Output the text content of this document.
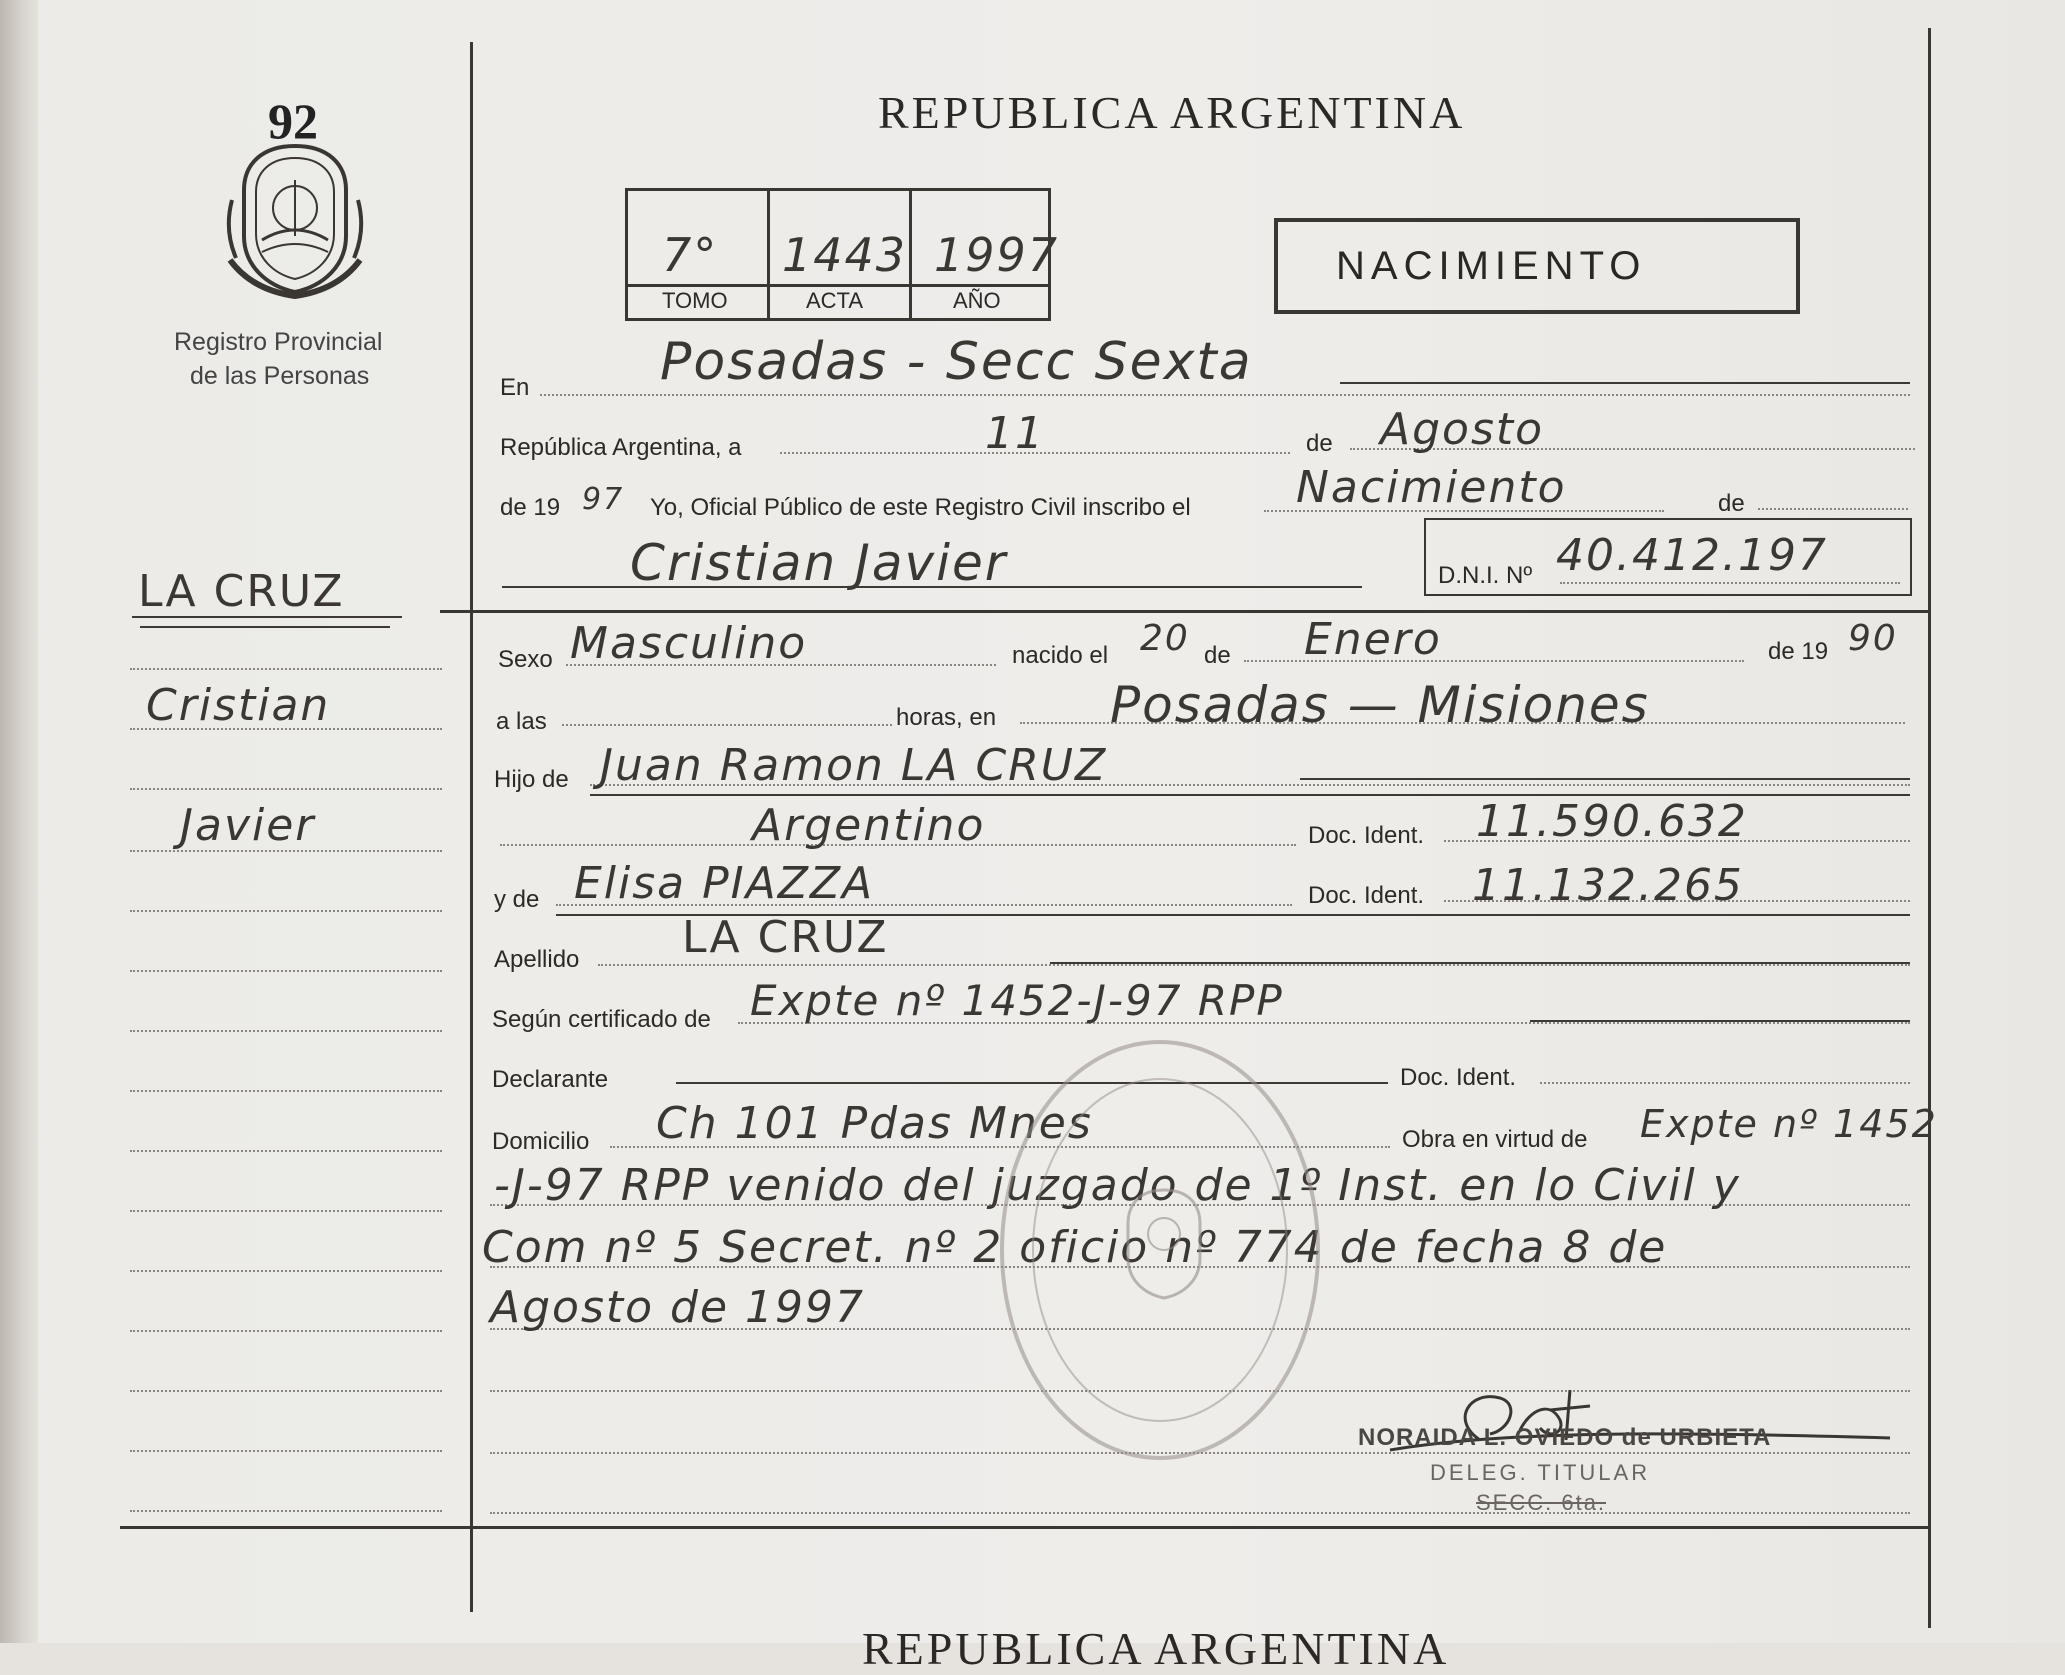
92
Registro Provincial
de las Personas
REPUBLICA ARGENTINA
7° 1443 1997
TOMO	ACTA	AÑO
NACIMIENTO
En	Posadas - Secc Sexta
República Argentina, a	11	de Agosto
de 19 97 Yo, Oficial Público de este Registro Civil inscribo el Nacimiento	de
Cristian Javier	D.N.I. Nº 40.412.197
LA CRUZ
Cristian
Javier
Sexo Masculino	nacido el 20 de Enero	de 19 90
a las	horas, en Posadas — Misiones
Hijo de Juan Ramon LA CRUZ
Argentino	Doc. Ident. 11.590.632
y de Elisa PIAZZA	Doc. Ident. 11.132.265
Apellido LA CRUZ
Según certificado de Expte nº 1452-J-97 RPP
Declarante	Doc. Ident.
Domicilio Ch 101 Pdas Mnes	Obra en virtud de Expte nº 1452
-J-97 RPP venido del juzgado de 1º Inst. en lo Civil y
Com nº 5 Secret. nº 2 oficio nº 774 de fecha 8 de
Agosto de 1997
NORAIDA L. OVIEDO de URBIETA
DELEG. TITULAR
SECC. 6ta.
REPUBLICA ARGENTINA
